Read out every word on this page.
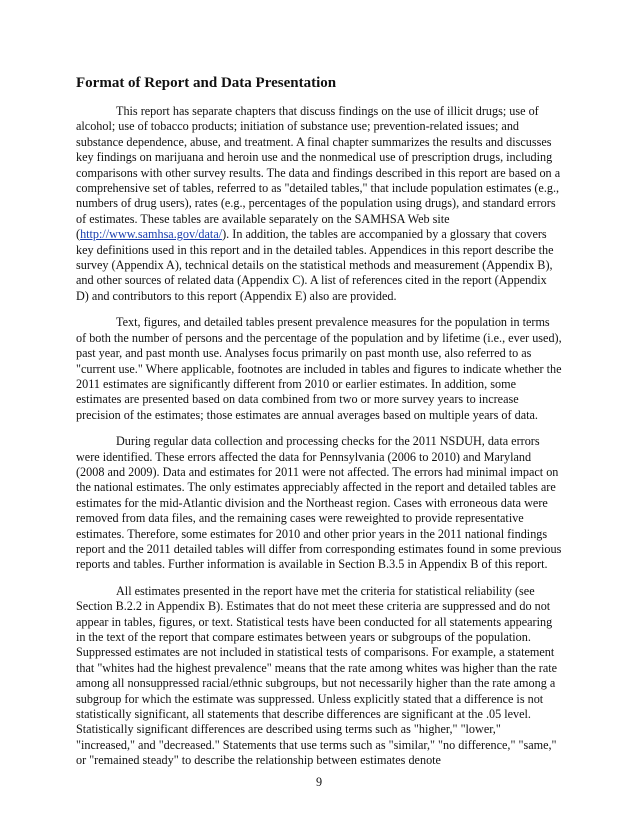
Format of Report and Data Presentation

This report has separate chapters that discuss findings on the use of illicit drugs; use of alcohol; use of tobacco products; initiation of substance use; prevention-related issues; and substance dependence, abuse, and treatment. A final chapter summarizes the results and discusses key findings on marijuana and heroin use and the nonmedical use of prescription drugs, including comparisons with other survey results. The data and findings described in this report are based on a comprehensive set of tables, referred to as "detailed tables," that include population estimates (e.g., numbers of drug users), rates (e.g., percentages of the population using drugs), and standard errors of estimates. These tables are available separately on the SAMHSA Web site (http://www.samhsa.gov/data/). In addition, the tables are accompanied by a glossary that covers key definitions used in this report and in the detailed tables. Appendices in this report describe the survey (Appendix A), technical details on the statistical methods and measurement (Appendix B), and other sources of related data (Appendix C). A list of references cited in the report (Appendix D) and contributors to this report (Appendix E) also are provided.

Text, figures, and detailed tables present prevalence measures for the population in terms of both the number of persons and the percentage of the population and by lifetime (i.e., ever used), past year, and past month use. Analyses focus primarily on past month use, also referred to as "current use." Where applicable, footnotes are included in tables and figures to indicate whether the 2011 estimates are significantly different from 2010 or earlier estimates. In addition, some estimates are presented based on data combined from two or more survey years to increase precision of the estimates; those estimates are annual averages based on multiple years of data.

During regular data collection and processing checks for the 2011 NSDUH, data errors were identified. These errors affected the data for Pennsylvania (2006 to 2010) and Maryland (2008 and 2009). Data and estimates for 2011 were not affected. The errors had minimal impact on the national estimates. The only estimates appreciably affected in the report and detailed tables are estimates for the mid-Atlantic division and the Northeast region. Cases with erroneous data were removed from data files, and the remaining cases were reweighted to provide representative estimates. Therefore, some estimates for 2010 and other prior years in the 2011 national findings report and the 2011 detailed tables will differ from corresponding estimates found in some previous reports and tables. Further information is available in Section B.3.5 in Appendix B of this report.

All estimates presented in the report have met the criteria for statistical reliability (see Section B.2.2 in Appendix B). Estimates that do not meet these criteria are suppressed and do not appear in tables, figures, or text. Statistical tests have been conducted for all statements appearing in the text of the report that compare estimates between years or subgroups of the population. Suppressed estimates are not included in statistical tests of comparisons. For example, a statement that "whites had the highest prevalence" means that the rate among whites was higher than the rate among all nonsuppressed racial/ethnic subgroups, but not necessarily higher than the rate among a subgroup for which the estimate was suppressed. Unless explicitly stated that a difference is not statistically significant, all statements that describe differences are significant at the .05 level. Statistically significant differences are described using terms such as "higher," "lower," "increased," and "decreased." Statements that use terms such as "similar," "no difference," "same," or "remained steady" to describe the relationship between estimates denote

9
